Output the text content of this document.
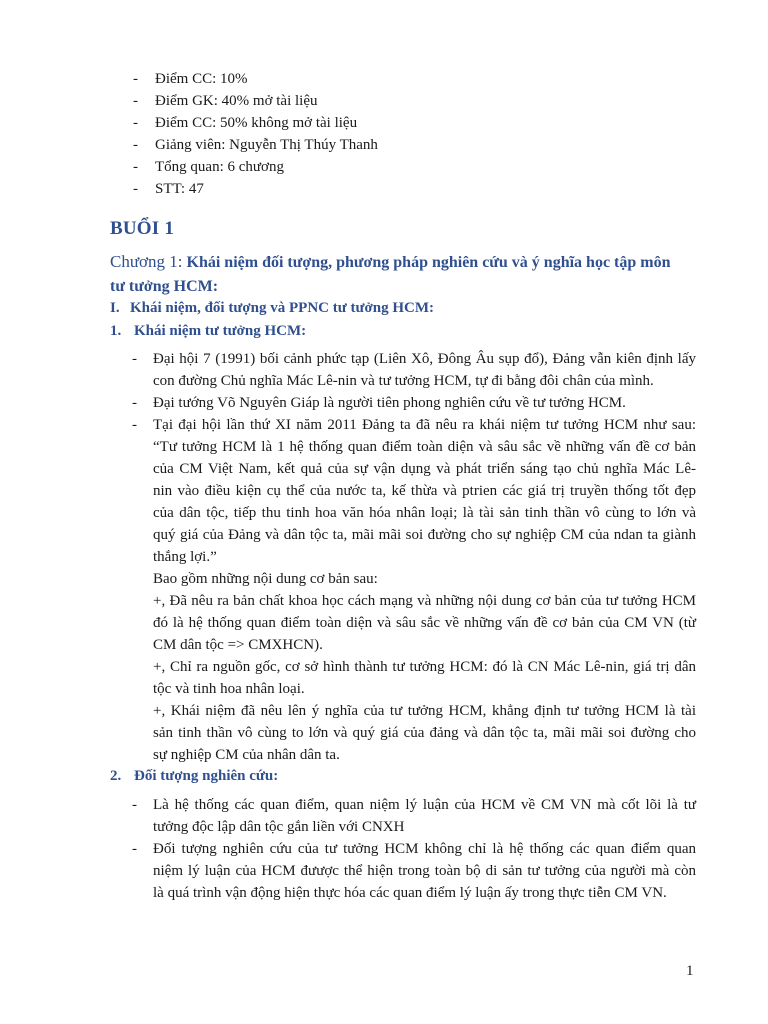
- Điểm CC: 10%
- Điểm GK: 40% mở tài liệu
- Điểm CC: 50% không mở tài liệu
- Giảng viên: Nguyễn Thị Thúy Thanh
- Tổng quan: 6 chương
- STT: 47
BUỔI 1
Chương 1: Khái niệm đối tượng, phương pháp nghiên cứu và ý nghĩa học tập môn
tư tưởng HCM:
I. Khái niệm, đối tượng và PPNC tư tưởng HCM:
1. Khái niệm tư tưởng HCM:
- Đại hội 7 (1991) bối cảnh phức tạp (Liên Xô, Đông Âu sụp đổ), Đảng vẫn kiên định lấy
con đường Chủ nghĩa Mác Lê-nin và tư tưởng HCM, tự đi bằng đôi chân của mình.
- Đại tướng Võ Nguyên Giáp là người tiên phong nghiên cứu về tư tưởng HCM.
- Tại đại hội lần thứ XI năm 2011 Đảng ta đã nêu ra khái niệm tư tưởng HCM như sau:
“Tư tưởng HCM là 1 hệ thống quan điểm toàn diện và sâu sắc về những vấn đề cơ bản
của CM Việt Nam, kết quả của sự vận dụng và phát triển sáng tạo chủ nghĩa Mác Lê-
nin vào điều kiện cụ thể của nước ta, kế thừa và ptrien các giá trị truyền thống tốt đẹp
của dân tộc, tiếp thu tinh hoa văn hóa nhân loại; là tài sản tinh thần vô cùng to lớn và
quý giá của Đảng và dân tộc ta, mãi mãi soi đường cho sự nghiệp CM của ndan ta giành
thắng lợi.”
Bao gồm những nội dung cơ bản sau:
+, Đã nêu ra bản chất khoa học cách mạng và những nội dung cơ bản của tư tưởng HCM
đó là hệ thống quan điểm toàn diện và sâu sắc về những vấn đề cơ bản của CM VN (từ
CM dân tộc => CMXHCN).
+, Chỉ ra nguồn gốc, cơ sở hình thành tư tưởng HCM: đó là CN Mác Lê-nin, giá trị dân
tộc và tinh hoa nhân loại.
+, Khái niệm đã nêu lên ý nghĩa của tư tưởng HCM, khẳng định tư tưởng HCM là tài
sản tinh thần vô cùng to lớn và quý giá của đảng và dân tộc ta, mãi mãi soi đường cho
sự nghiệp CM của nhân dân ta.
2. Đối tượng nghiên cứu:
- Là hệ thống các quan điểm, quan niệm lý luận của HCM về CM VN mà cốt lõi là tư
tưởng độc lập dân tộc gắn liền với CNXH
- Đối tượng nghiên cứu của tư tưởng HCM không chỉ là hệ thống các quan điểm quan
niệm lý luận của HCM đưược thể hiện trong toàn bộ di sản tư tưởng của người mà còn
là quá trình vận động hiện thực hóa các quan điểm lý luận ấy trong thực tiễn CM VN.
1
